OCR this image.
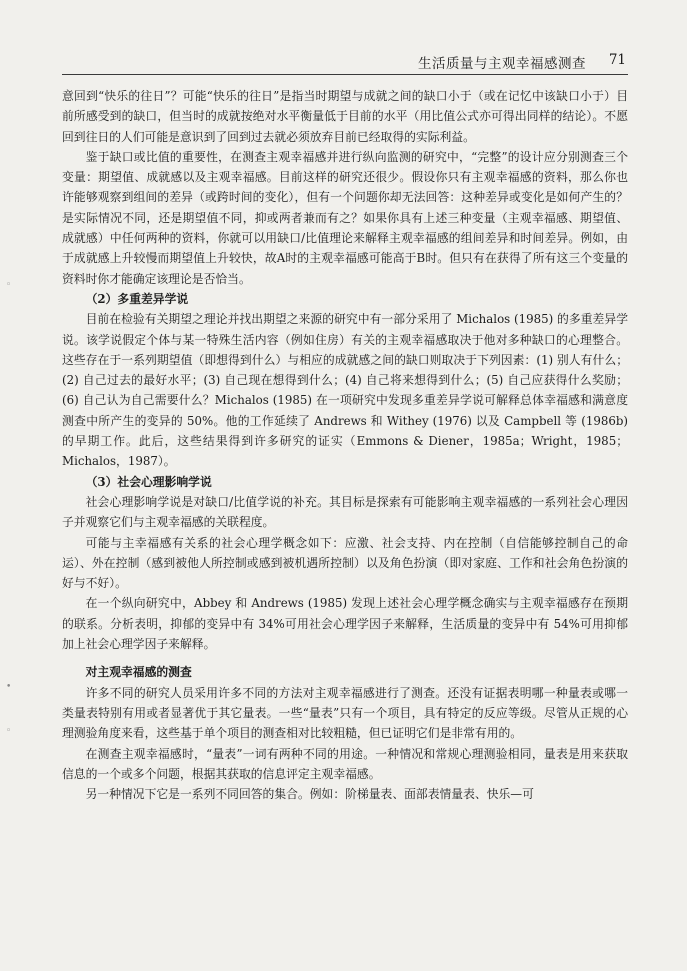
生活质量与主观幸福感测查 71
◦
•
◦

意回到“快乐的往日”？可能“快乐的往日”是指当时期望与成就之间的缺口小于（或在记忆中该缺口小于）目前所感受到的缺口，但当时的成就按绝对水平衡量低于目前的水平（用比值公式亦可得出同样的结论）。不愿回到往日的人们可能是意识到了回到过去就必须放弃目前已经取得的实际利益。

鉴于缺口或比值的重要性，在测查主观幸福感并进行纵向监测的研究中，“完整”的设计应分别测查三个变量：期望值、成就感以及主观幸福感。目前这样的研究还很少。假设你只有主观幸福感的资料，那么你也许能够观察到组间的差异（或跨时间的变化），但有一个问题你却无法回答：这种差异或变化是如何产生的？是实际情况不同，还是期望值不同，抑或两者兼而有之？如果你具有上述三种变量（主观幸福感、期望值、成就感）中任何两种的资料，你就可以用缺口/比值理论来解释主观幸福感的组间差异和时间差异。例如，由于成就感上升较慢而期望值上升较快，故A时的主观幸福感可能高于B时。但只有在获得了所有这三个变量的资料时你才能确定该理论是否恰当。

（2）多重差异学说

目前在检验有关期望之理论并找出期望之来源的研究中有一部分采用了 Michalos (1985) 的多重差异学说。该学说假定个体与某一特殊生活内容（例如住房）有关的主观幸福感取决于他对多种缺口的心理整合。这些存在于一系列期望值（即想得到什么）与相应的成就感之间的缺口则取决于下列因素：(1) 别人有什么；(2) 自己过去的最好水平；(3) 自己现在想得到什么；(4) 自己将来想得到什么；(5) 自己应获得什么奖励；(6) 自己认为自己需要什么？Michalos (1985) 在一项研究中发现多重差异学说可解释总体幸福感和满意度测查中所产生的变异的 50%。他的工作延续了 Andrews 和 Withey (1976) 以及 Campbell 等 (1986b) 的早期工作。此后，这些结果得到许多研究的证实（Emmons & Diener，1985a；Wright，1985；Michalos，1987）。

（3）社会心理影响学说

社会心理影响学说是对缺口/比值学说的补充。其目标是探索有可能影响主观幸福感的一系列社会心理因子并观察它们与主观幸福感的关联程度。

可能与主幸福感有关系的社会心理学概念如下：应激、社会支持、内在控制（自信能够控制自己的命运）、外在控制（感到被他人所控制或感到被机遇所控制）以及角色扮演（即对家庭、工作和社会角色扮演的好与不好）。

在一个纵向研究中，Abbey 和 Andrews (1985) 发现上述社会心理学概念确实与主观幸福感存在预期的联系。分析表明，抑郁的变异中有 34%可用社会心理学因子来解释，生活质量的变异中有 54%可用抑郁加上社会心理学因子来解释。

对主观幸福感的测查

许多不同的研究人员采用许多不同的方法对主观幸福感进行了测查。还没有证据表明哪一种量表或哪一类量表特别有用或者显著优于其它量表。一些“量表”只有一个项目，具有特定的反应等级。尽管从正规的心理测验角度来看，这些基于单个项目的测查相对比较粗糙，但已证明它们是非常有用的。

在测查主观幸福感时，“量表”一词有两种不同的用途。一种情况和常规心理测验相同，量表是用来获取信息的一个或多个问题，根据其获取的信息评定主观幸福感。

另一种情况下它是一系列不同回答的集合。例如：阶梯量表、面部表情量表、快乐—可
